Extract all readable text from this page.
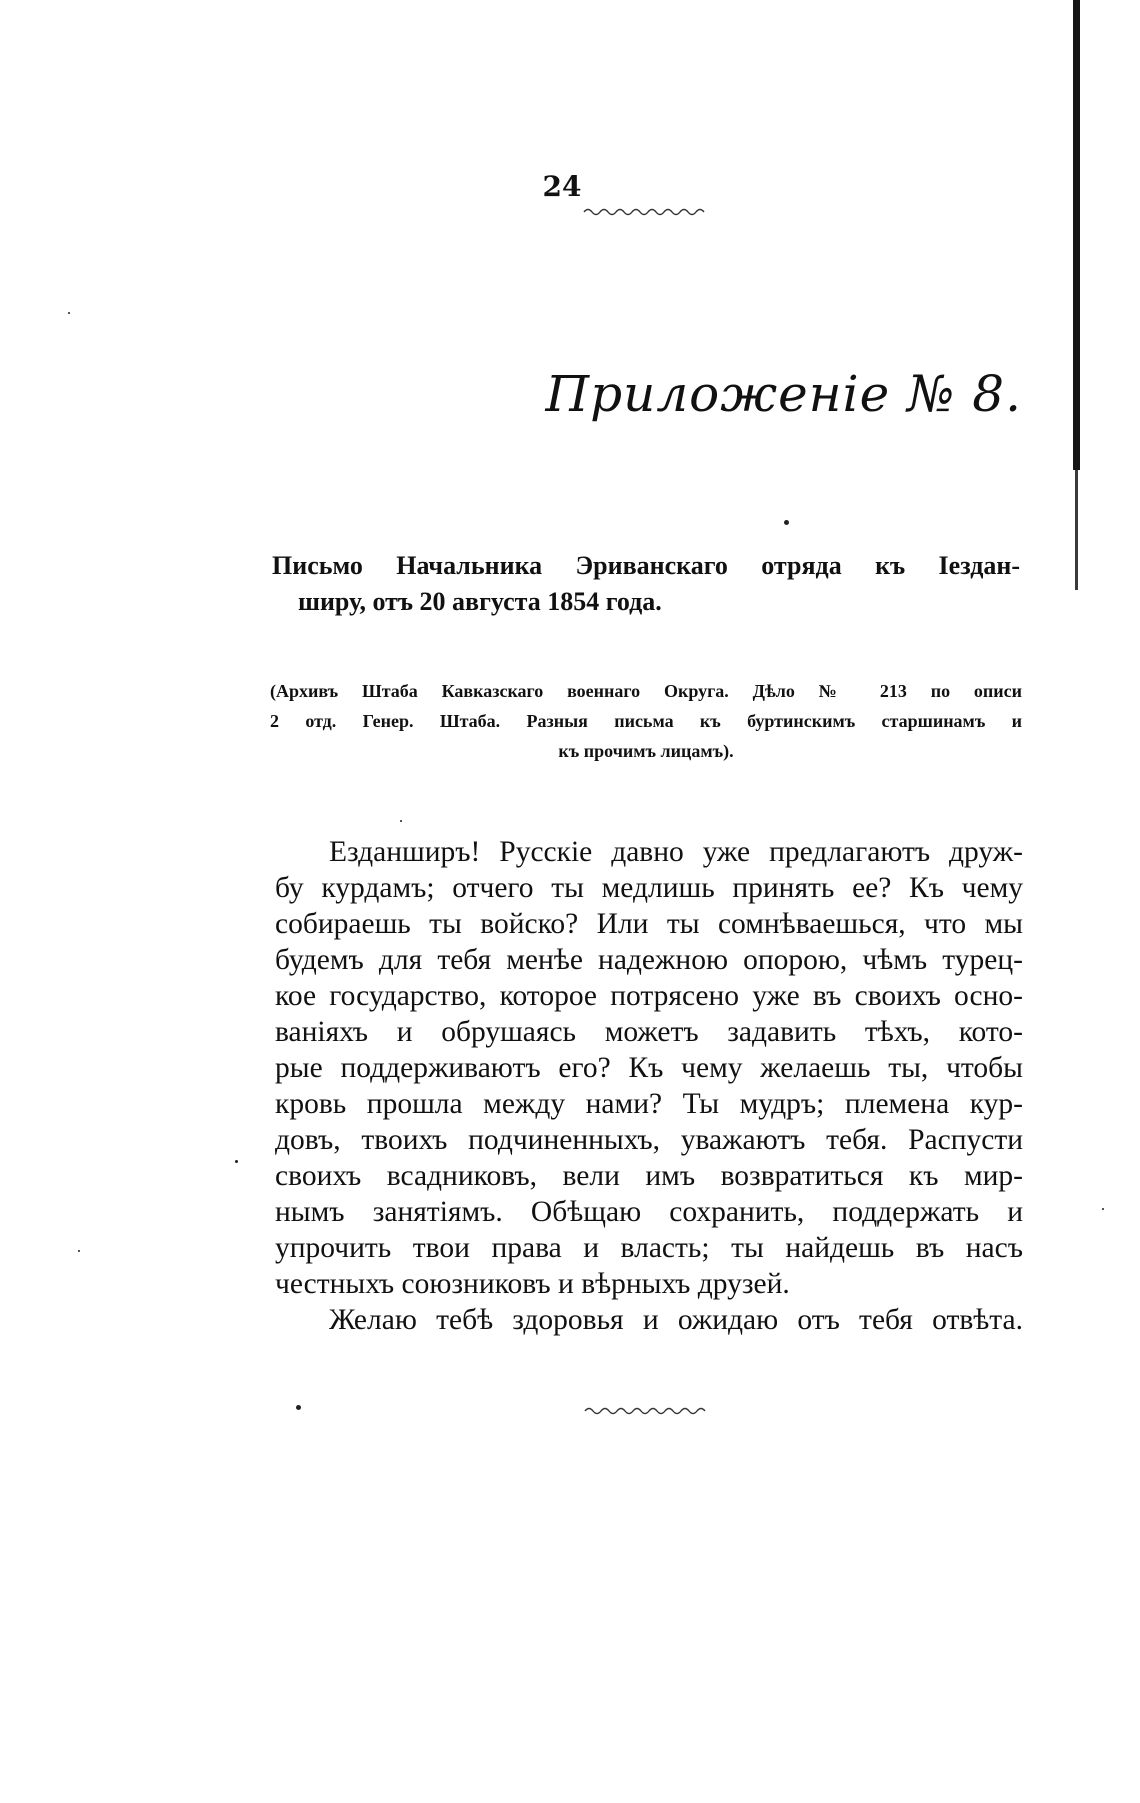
24
Приложенiе № 8.
Письмо Начальника Эриванскаго отряда къ Iездан-
ширу, отъ 20 августа 1854 года.
(Архивъ Штаба Кавказскаго военнаго Округа. Дѣло № 213 по описи
2 отд. Генер. Штаба. Разныя письма къ буртинскимъ старшинамъ и
къ прочимъ лицамъ).
Езданширъ! Русскiе давно уже предлагаютъ друж-
бу курдамъ; отчего ты медлишь принять ее? Къ чему
собираешь ты войско? Или ты сомнѣваешься, что мы
будемъ для тебя менѣе надежною опорою, чѣмъ турец-
кое государство, которое потрясено уже въ своихъ осно-
ванiяхъ и обрушаясь можетъ задавить тѣхъ, кото-
рые поддерживаютъ его? Къ чему желаешь ты, чтобы
кровь прошла между нами? Ты мудръ; племена кур-
довъ, твоихъ подчиненныхъ, уважаютъ тебя. Распусти
своихъ всадниковъ, вели имъ возвратиться къ мир-
нымъ занятiямъ. Обѣщаю сохранить, поддержать и
упрочить твои права и власть; ты найдешь въ насъ
честныхъ союзниковъ и вѣрныхъ друзей.
Желаю тебѣ здоровья и ожидаю отъ тебя отвѣта.
